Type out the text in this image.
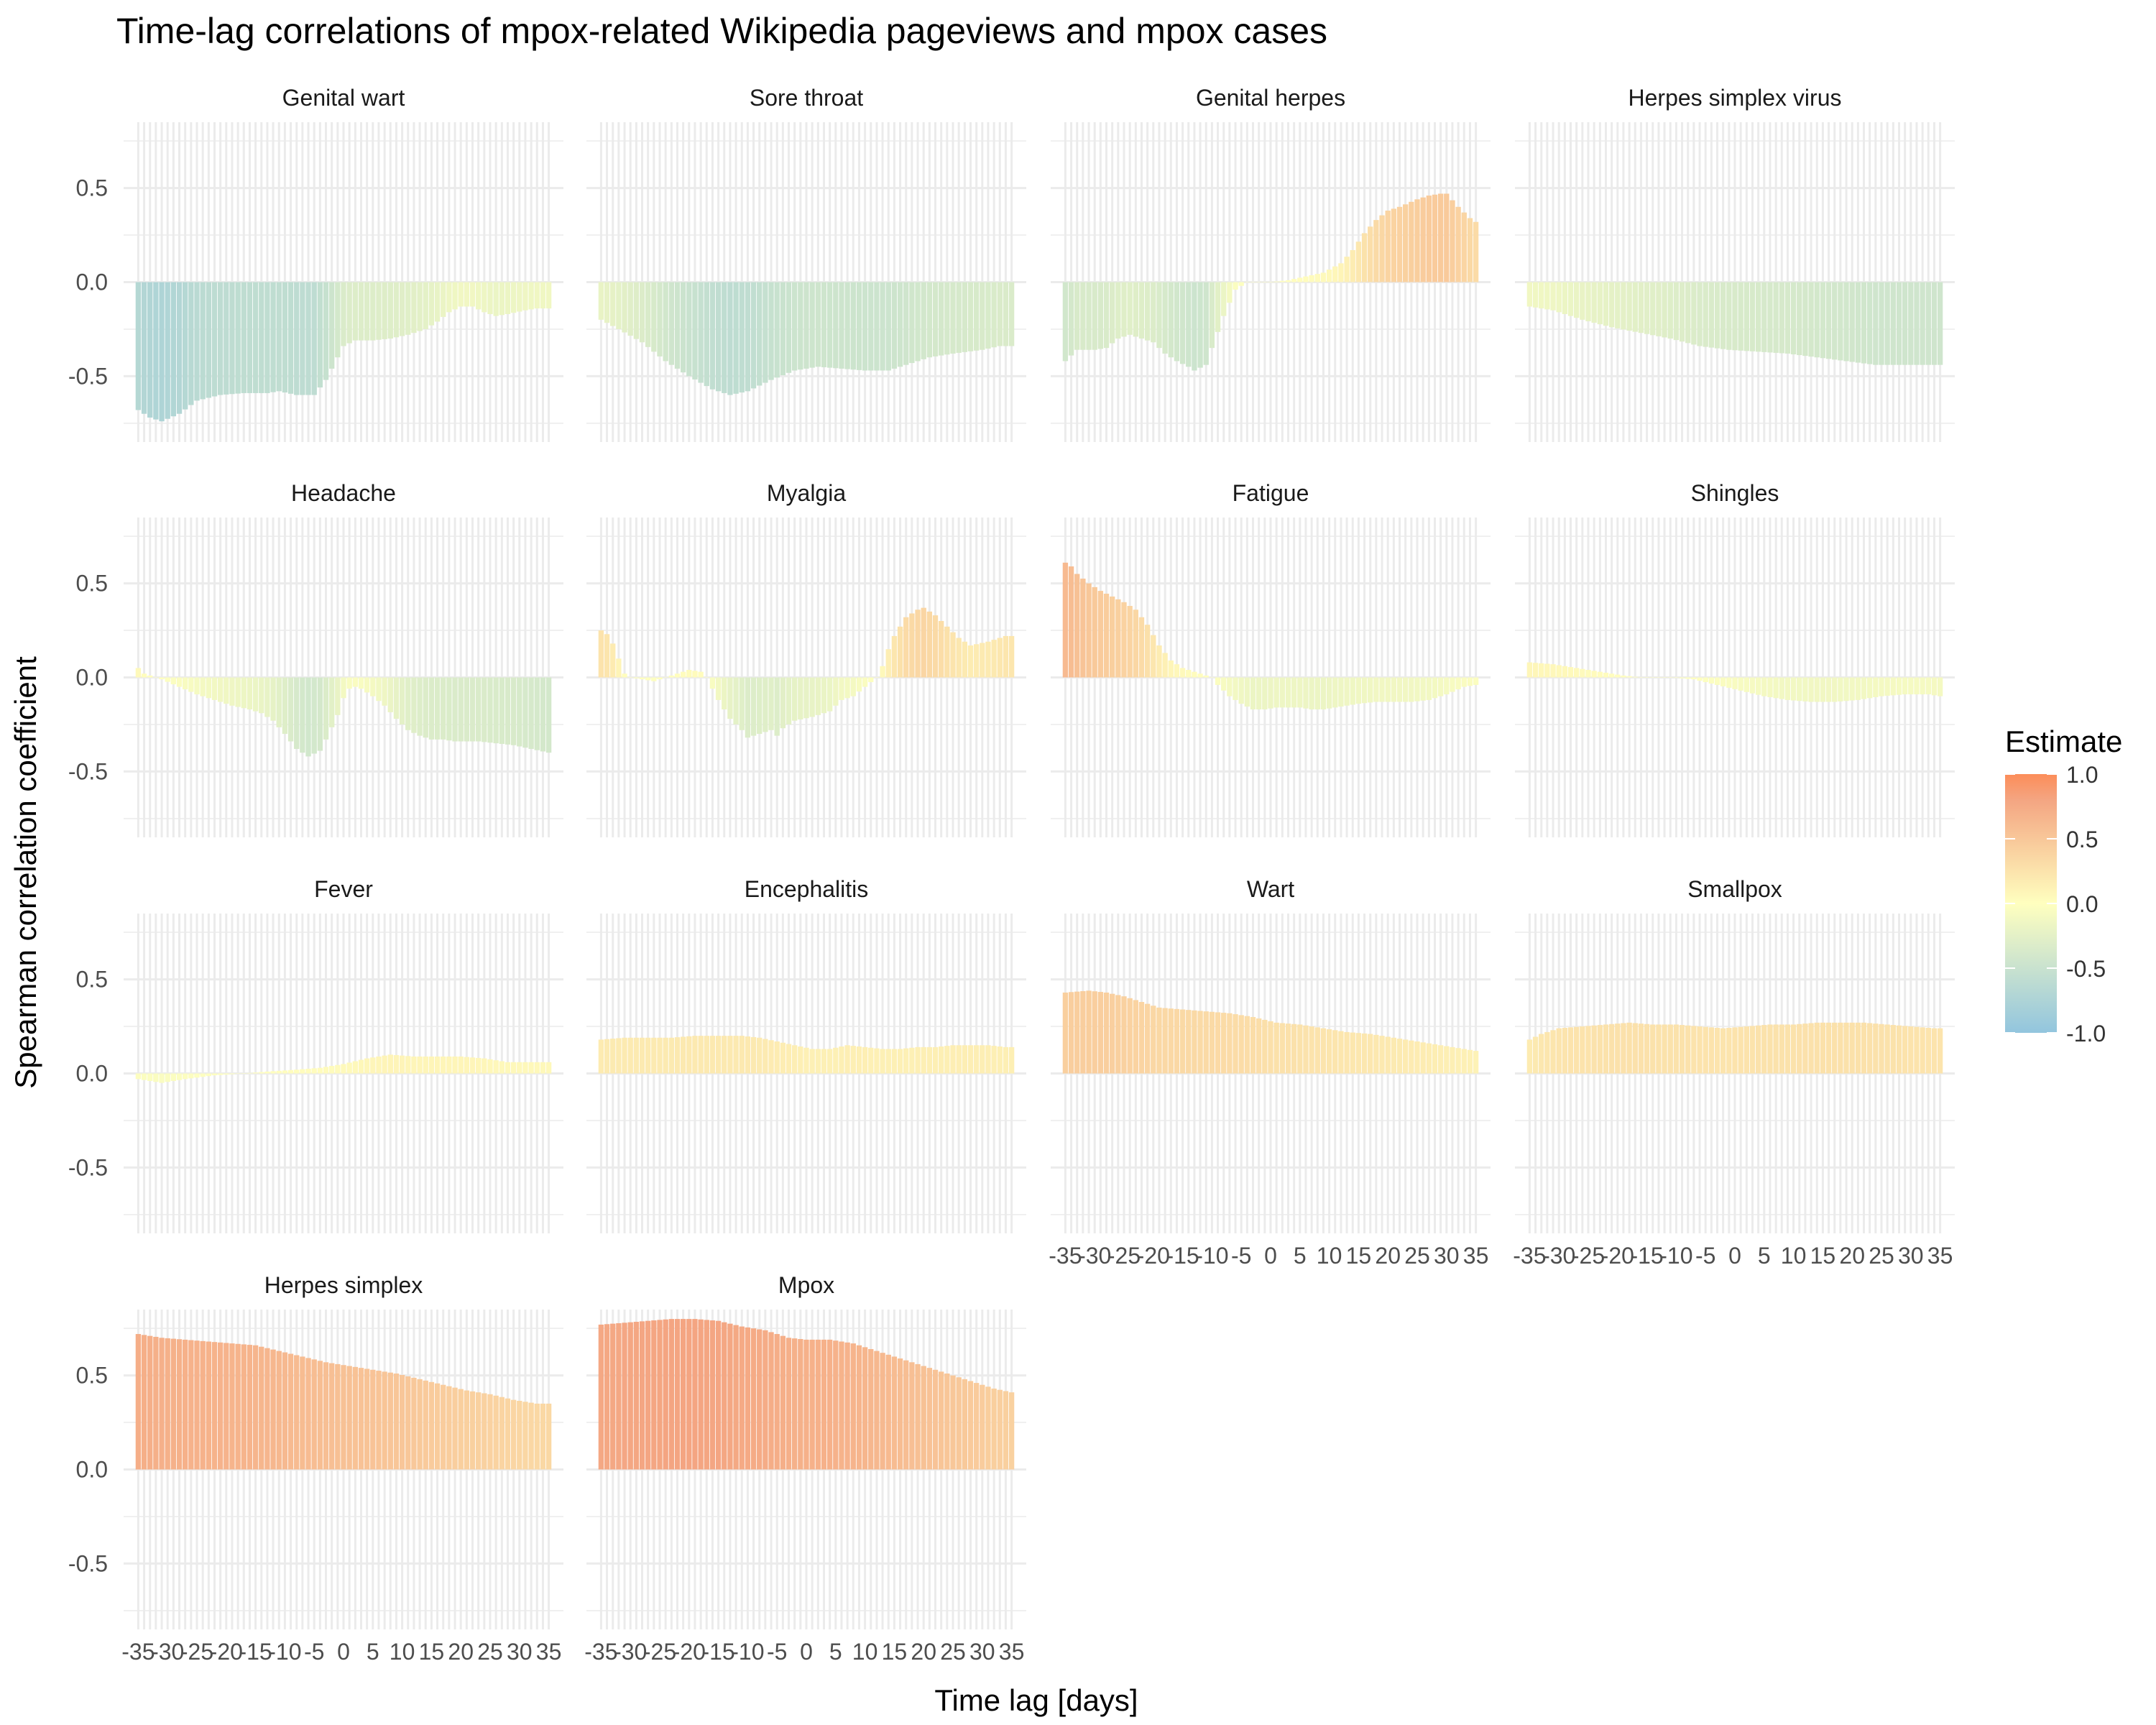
Time-lag correlations of mpox-related Wikipedia pageviews and mpox cases
Genital wart
-0.5
0.0
0.5
Sore throat	Genital herpes	Herpes simplex virus
Headache
-0.5
0.0
0.5
Myalgia	Fatigue	Shingles
Fever
-0.5
0.0
0.5
Encephalitis	Wart
-35
-30
-25
-20
-15
-10 -5 0 5 10 15 20 25 30 35
Smallpox
-35
-30
-25
-20
-15
-10 -5 0 5 10 15 20 25 30 35
Herpes simplex
-0.5
0.0
0.5
-35
-30
-25
-20
-15
-10 -5 0 5 10 15 20 25 30 35
Mpox
-35
-30
-25
-20
-15
-10 -5 0 5 10 15 20 25 30 35
Time lag [days]
Spearman correlation coefficient	Estimate
1.0
0.5
0.0
-0.5
-1.0
